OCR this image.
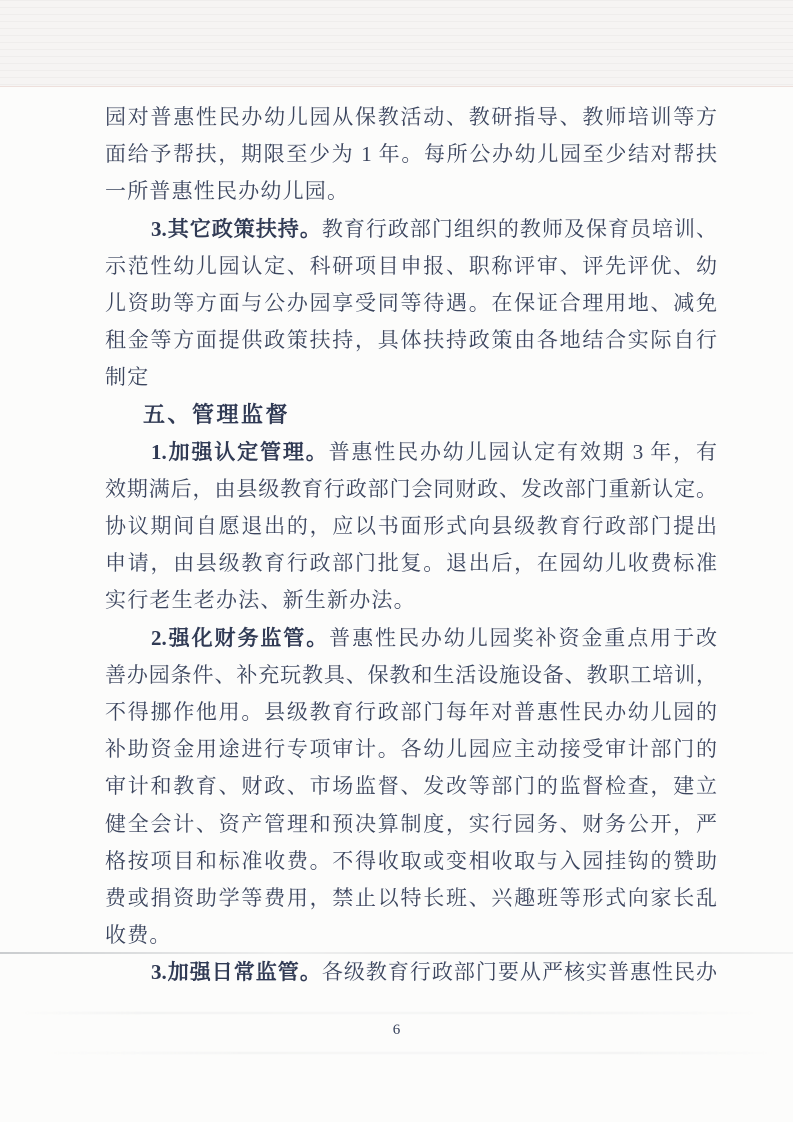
园对普惠性民办幼儿园从保教活动、教研指导、教师培训等方
面给予帮扶，期限至少为 1 年。每所公办幼儿园至少结对帮扶
一所普惠性民办幼儿园。
3.其它政策扶持。教育行政部门组织的教师及保育员培训、
示范性幼儿园认定、科研项目申报、职称评审、评先评优、幼
儿资助等方面与公办园享受同等待遇。在保证合理用地、减免
租金等方面提供政策扶持，具体扶持政策由各地结合实际自行
制定
五、管理监督
1.加强认定管理。普惠性民办幼儿园认定有效期 3 年，有
效期满后，由县级教育行政部门会同财政、发改部门重新认定。
协议期间自愿退出的，应以书面形式向县级教育行政部门提出
申请，由县级教育行政部门批复。退出后，在园幼儿收费标准
实行老生老办法、新生新办法。
2.强化财务监管。普惠性民办幼儿园奖补资金重点用于改
善办园条件、补充玩教具、保教和生活设施设备、教职工培训，
不得挪作他用。县级教育行政部门每年对普惠性民办幼儿园的
补助资金用途进行专项审计。各幼儿园应主动接受审计部门的
审计和教育、财政、市场监督、发改等部门的监督检查，建立
健全会计、资产管理和预决算制度，实行园务、财务公开，严
格按项目和标准收费。不得收取或变相收取与入园挂钩的赞助
费或捐资助学等费用，禁止以特长班、兴趣班等形式向家长乱
收费。
3.加强日常监管。各级教育行政部门要从严核实普惠性民办
6
